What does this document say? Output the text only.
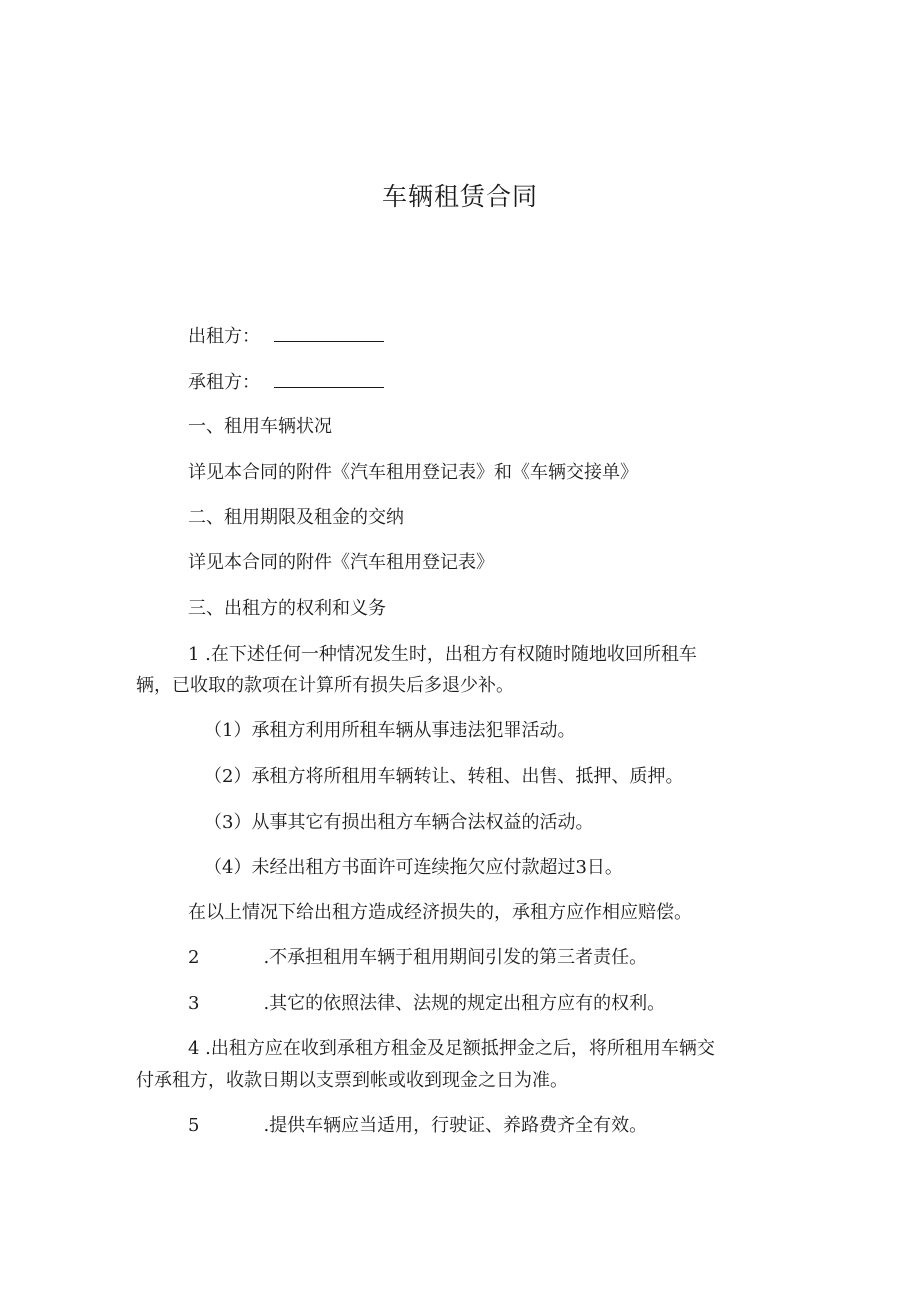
车辆租赁合同
出租方：
承租方：
一、租用车辆状况
详见本合同的附件《汽车租用登记表》和《车辆交接单》
二、租用期限及租金的交纳
详见本合同的附件《汽车租用登记表》
三、出租方的权利和义务
1 .在下述任何一种情况发生时，出租方有权随时随地收回所租车
辆，已收取的款项在计算所有损失后多退少补。
（1）承租方利用所租车辆从事违法犯罪活动。
（2）承租方将所租用车辆转让、转租、出售、抵押、质押。
（3）从事其它有损出租方车辆合法权益的活动。
（4）未经出租方书面许可连续拖欠应付款超过3日。
在以上情况下给出租方造成经济损失的，承租方应作相应赔偿。
2	.不承担租用车辆于租用期间引发的第三者责任。
3	.其它的依照法律、法规的规定出租方应有的权利。
4 .出租方应在收到承租方租金及足额抵押金之后，将所租用车辆交
付承租方，收款日期以支票到帐或收到现金之日为准。
5	.提供车辆应当适用，行驶证、养路费齐全有效。
